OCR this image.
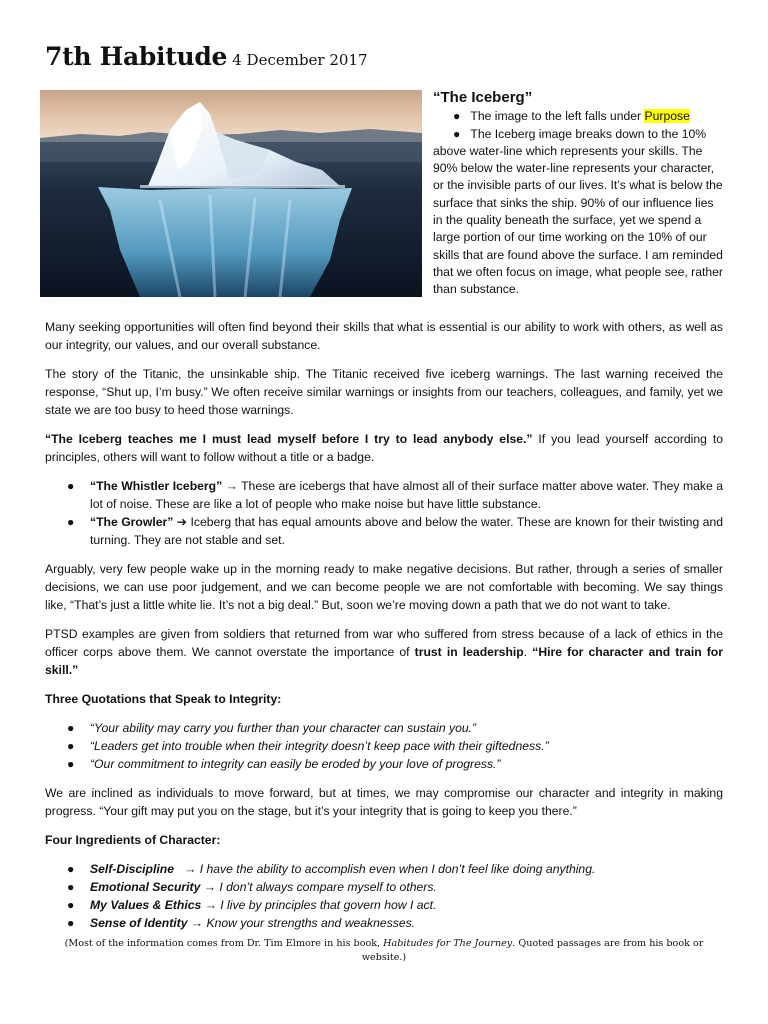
7th Habitude 4 December 2017
“The Iceberg”
● The image to the left falls under Purpose
● The Iceberg image breaks down to the 10% above water-line which represents your skills. The 90% below the water-line represents your character, or the invisible parts of our lives. It’s what is below the surface that sinks the ship. 90% of our influence lies in the quality beneath the surface, yet we spend a large portion of our time working on the 10% of our skills that are found above the surface. I am reminded that we often focus on image, what people see, rather than substance.

Many seeking opportunities will often find beyond their skills that what is essential is our ability to work with others, as well as our integrity, our values, and our overall substance.

The story of the Titanic, the unsinkable ship. The Titanic received five iceberg warnings. The last warning received the response, “Shut up, I’m busy.” We often receive similar warnings or insights from our teachers, colleagues, and family, yet we state we are too busy to heed those warnings.

“The Iceberg teaches me I must lead myself before I try to lead anybody else.” If you lead yourself according to principles, others will want to follow without a title or a badge.

● “The Whistler Iceberg” → These are icebergs that have almost all of their surface matter above water. They make a lot of noise. These are like a lot of people who make noise but have little substance.
● “The Growler” ➔ Iceberg that has equal amounts above and below the water. These are known for their twisting and turning. They are not stable and set.

Arguably, very few people wake up in the morning ready to make negative decisions. But rather, through a series of smaller decisions, we can use poor judgement, and we can become people we are not comfortable with becoming. We say things like, “That’s just a little white lie. It’s not a big deal.” But, soon we’re moving down a path that we do not want to take.

PTSD examples are given from soldiers that returned from war who suffered from stress because of a lack of ethics in the officer corps above them. We cannot overstate the importance of trust in leadership. “Hire for character and train for skill.”

Three Quotations that Speak to Integrity:

● “Your ability may carry you further than your character can sustain you.”
● “Leaders get into trouble when their integrity doesn’t keep pace with their giftedness.”
● “Our commitment to integrity can easily be eroded by your love of progress.”

We are inclined as individuals to move forward, but at times, we may compromise our character and integrity in making progress. “Your gift may put you on the stage, but it’s your integrity that is going to keep you there.”

Four Ingredients of Character:

● Self-Discipline   → I have the ability to accomplish even when I don’t feel like doing anything.
● Emotional Security → I don’t always compare myself to others.
● My Values & Ethics → I live by principles that govern how I act.
● Sense of Identity → Know your strengths and weaknesses.
(Most of the information comes from Dr. Tim Elmore in his book, Habitudes for The Journey. Quoted passages are from his book or website.)
